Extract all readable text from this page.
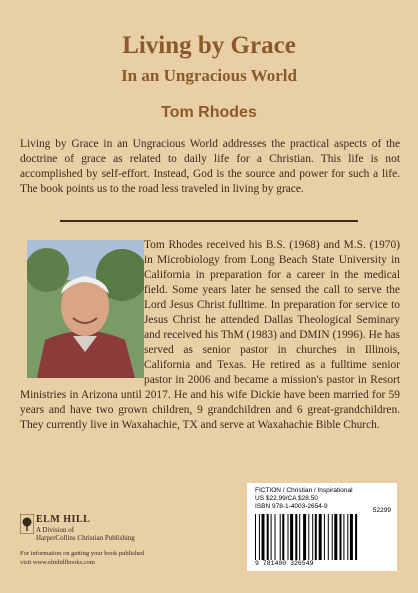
Living by Grace
In an Ungracious World
Tom Rhodes
Living by Grace in an Ungracious World addresses the practical aspects of the doctrine of grace as related to daily life for a Christian. This life is not accomplished by self-effort. Instead, God is the source and power for such a life. The book points us to the road less traveled in living by grace.

Tom Rhodes received his B.S. (1968) and M.S. (1970) in Microbiology from Long Beach State University in California in preparation for a career in the medical field. Some years later he sensed the call to serve the Lord Jesus Christ fulltime. In preparation for service to Jesus Christ he attended Dallas Theological Seminary and received his ThM (1983) and DMIN (1996). He has served as senior pastor in churches in Illinois, California and Texas. He retired as a fulltime senior pastor in 2006 and became a mission's pastor in Resort Ministries in Arizona until 2017. He and his wife Dickie have been married for 59 years and have two grown children, 9 grandchildren and 6 great-grandchildren. They currently live in Waxahachie, TX and serve at Waxahachie Bible Church.

ELM HILL
A Division of
HarperCollins Christian Publishing
For information on getting your book published
visit www.elmhillbooks.com
FICTION / Christian / Inspirational
US $22.99/CA $28.50
ISBN 978-1-4003-2654-9
52299
9 781400 326549
